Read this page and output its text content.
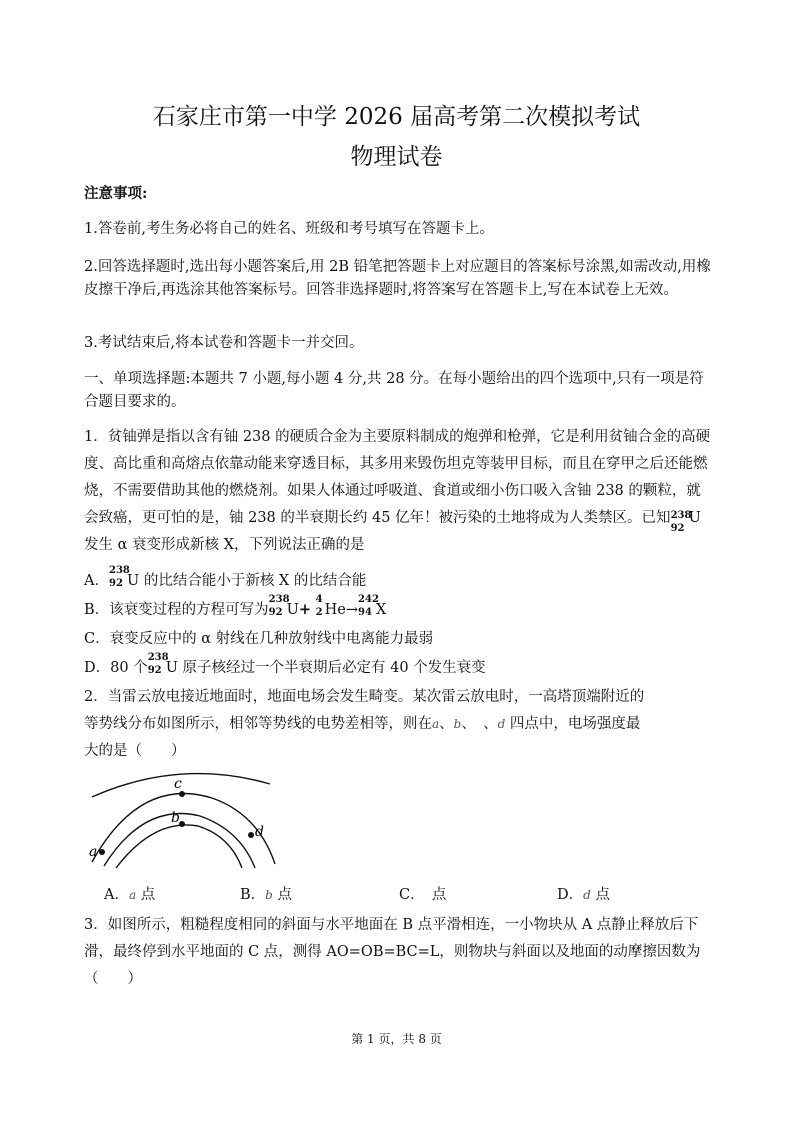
石家庄市第一中学 2026 届高考第二次模拟考试
物理试卷
注意事项:
1.答卷前,考生务必将自己的姓名、班级和考号填写在答题卡上。
2.回答选择题时,选出每小题答案后,用 2B 铅笔把答题卡上对应题目的答案标号涂黑,如需改动,用橡皮擦干净后,再选涂其他答案标号。回答非选择题时,将答案写在答题卡上,写在本试卷上无效。
3.考试结束后,将本试卷和答题卡一并交回。
一、单项选择题:本题共 7 小题,每小题 4 分,共 28 分。在每小题给出的四个选项中,只有一项是符合题目要求的。
1．贫铀弹是指以含有铀 238 的硬质合金为主要原料制成的炮弹和枪弹，它是利用贫铀合金的高硬度、高比重和高熔点依靠动能来穿透目标，其多用来毁伤坦克等装甲目标，而且在穿甲之后还能燃烧，不需要借助其他的燃烧剂。如果人体通过呼吸道、食道或细小伤口吸入含铀 238 的颗粒，就会致癌，更可怕的是，铀 238 的半衰期长约 45 亿年！被污染的土地将成为人类禁区。已知 238
92
U 发生 α 衰变形成新核 X，下列说法正确的是
A．
238
92 U 的比结合能小于新核 X 的比结合能
B．该衰变过程的方程可写为
238
92 U+
4
2 He→
242
94 X
C．衰变反应中的 α 射线在几种放射线中电离能力最弱
D．80 个
238
92 U 原子核经过一个半衰期后必定有 40 个发生衰变
2．当雷云放电接近地面时，地面电场会发生畸变。某次雷云放电时，一高塔顶端附近的
等势线分布如图所示，相邻等势线的电势差相等，则在a、b、　 、d 四点中，电场强度最
大的是（　　）
c
b
d
a
A．a 点	B．b 点	C．　 点	D．d 点
3．如图所示，粗糙程度相同的斜面与水平地面在 B 点平滑相连，一小物块从 A 点静止释放后下滑，最终停到水平地面的 C 点，测得 AO=OB=BC=L，则物块与斜面以及地面的动摩擦因数为（　　）
第 1 页，共 8 页
